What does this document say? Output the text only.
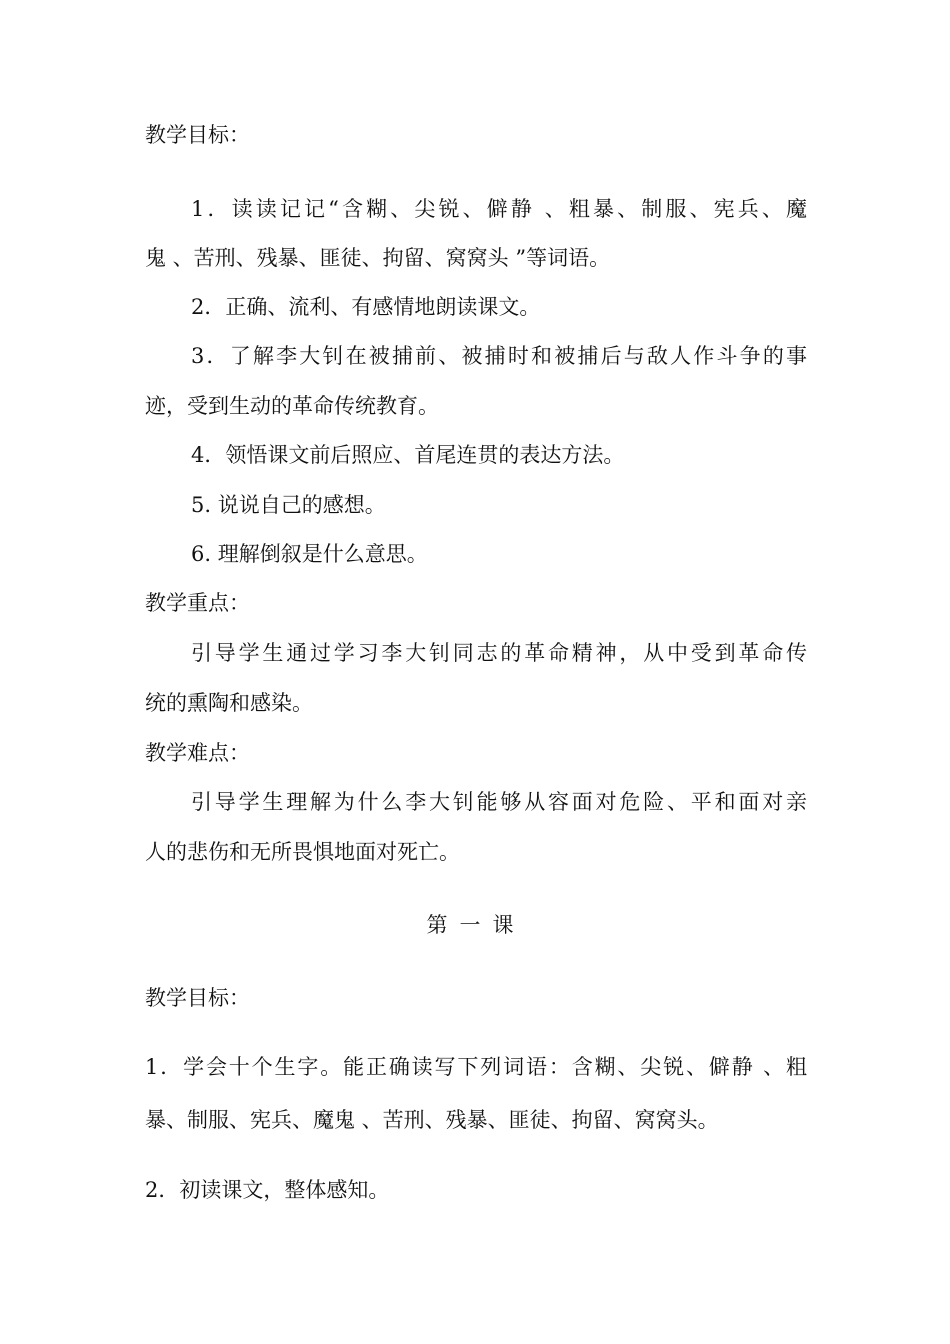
教学目标：
1．读读记记“含糊、尖锐、僻静 、粗暴、制服、宪兵、魔
鬼 、苦刑、残暴、匪徒、拘留、窝窝头 ”等词语。
2．正确、流利、有感情地朗读课文。
3．了解李大钊在被捕前、被捕时和被捕后与敌人作斗争的事
迹，受到生动的革命传统教育。
4．领悟课文前后照应、首尾连贯的表达方法。
5. 说说自己的感想。
6. 理解倒叙是什么意思。
教学重点：
引导学生通过学习李大钊同志的革命精神，从中受到革命传
统的熏陶和感染。
教学难点：
引导学生理解为什么李大钊能够从容面对危险、平和面对亲
人的悲伤和无所畏惧地面对死亡。
第一课
教学目标：
1．学会十个生字。能正确读写下列词语：含糊、尖锐、僻静 、粗
暴、制服、宪兵、魔鬼 、苦刑、残暴、匪徒、拘留、窝窝头。
2．初读课文，整体感知。
